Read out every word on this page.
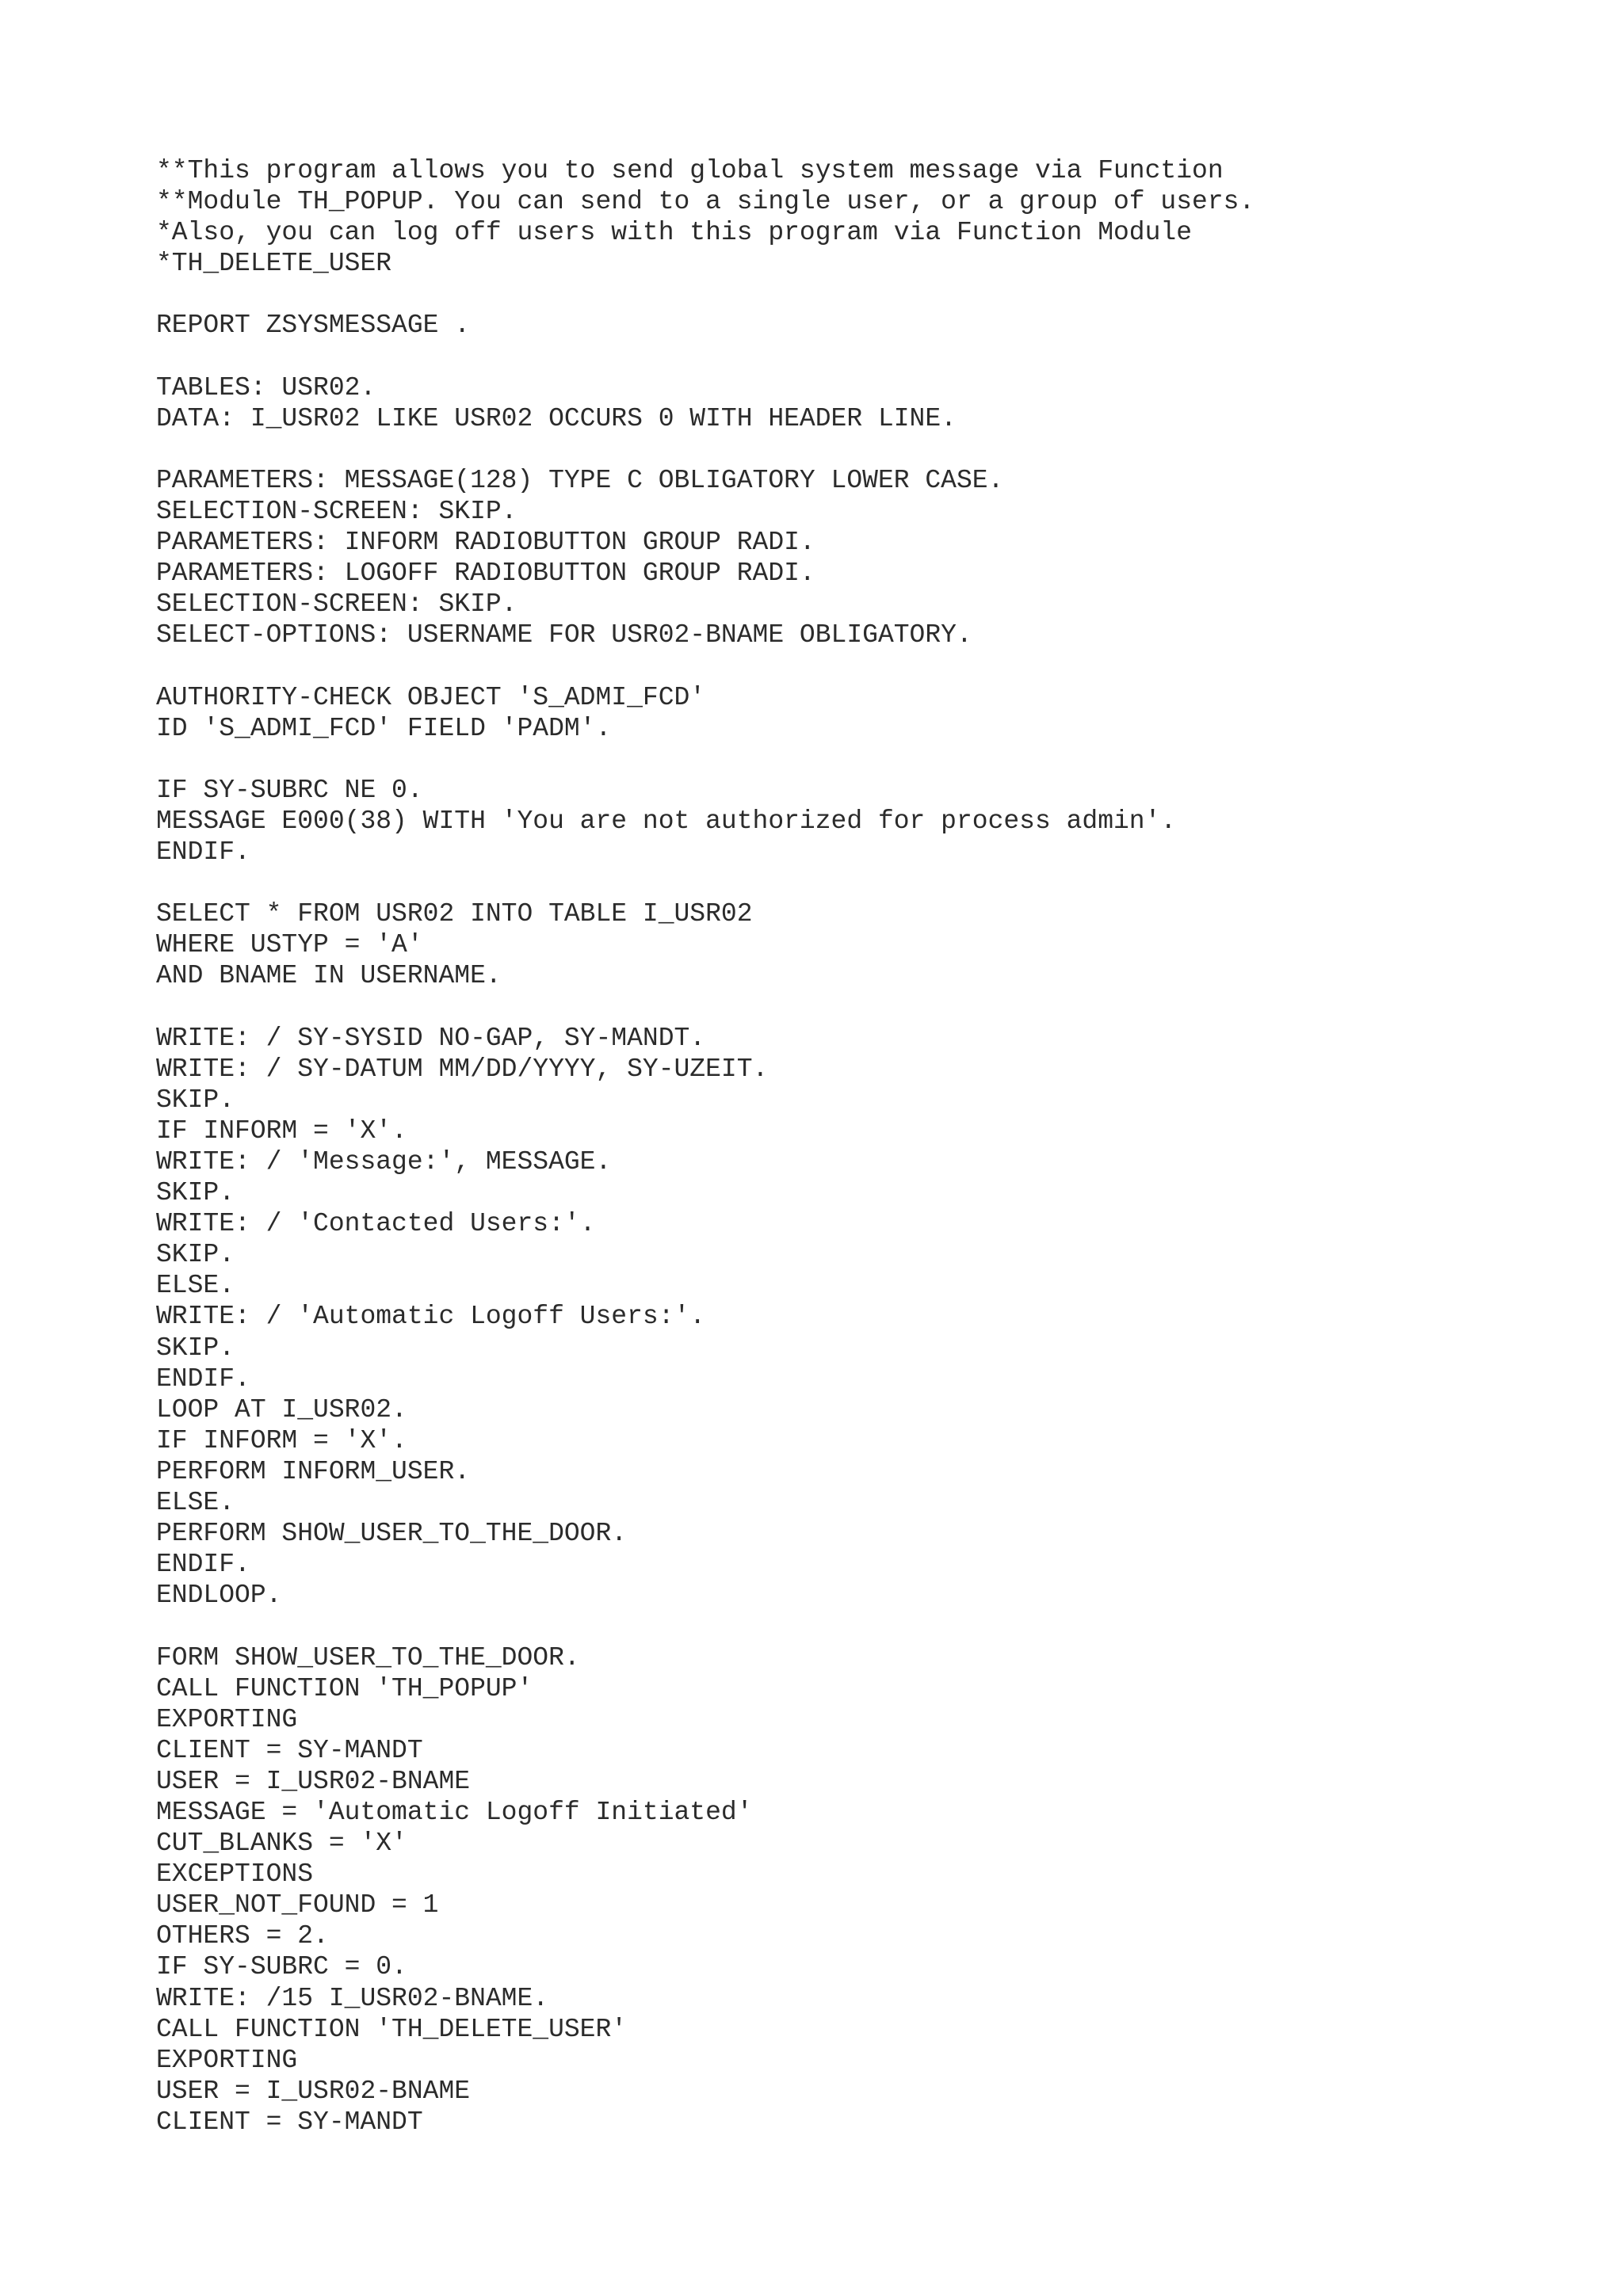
**This program allows you to send global system message via Function
**Module TH_POPUP. You can send to a single user, or a group of users.
*Also, you can log off users with this program via Function Module
*TH_DELETE_USER
REPORT ZSYSMESSAGE .
TABLES: USR02.
DATA: I_USR02 LIKE USR02 OCCURS 0 WITH HEADER LINE.
PARAMETERS: MESSAGE(128) TYPE C OBLIGATORY LOWER CASE.
SELECTION-SCREEN: SKIP.
PARAMETERS: INFORM RADIOBUTTON GROUP RADI.
PARAMETERS: LOGOFF RADIOBUTTON GROUP RADI.
SELECTION-SCREEN: SKIP.
SELECT-OPTIONS: USERNAME FOR USR02-BNAME OBLIGATORY.
AUTHORITY-CHECK OBJECT 'S_ADMI_FCD'
ID 'S_ADMI_FCD' FIELD 'PADM'.
IF SY-SUBRC NE 0.
MESSAGE E000(38) WITH 'You are not authorized for process admin'.
ENDIF.
SELECT * FROM USR02 INTO TABLE I_USR02
WHERE USTYP = 'A'
AND BNAME IN USERNAME.
WRITE: / SY-SYSID NO-GAP, SY-MANDT.
WRITE: / SY-DATUM MM/DD/YYYY, SY-UZEIT.
SKIP.
IF INFORM = 'X'.
WRITE: / 'Message:', MESSAGE.
SKIP.
WRITE: / 'Contacted Users:'.
SKIP.
ELSE.
WRITE: / 'Automatic Logoff Users:'.
SKIP.
ENDIF.
LOOP AT I_USR02.
IF INFORM = 'X'.
PERFORM INFORM_USER.
ELSE.
PERFORM SHOW_USER_TO_THE_DOOR.
ENDIF.
ENDLOOP.
FORM SHOW_USER_TO_THE_DOOR.
CALL FUNCTION 'TH_POPUP'
EXPORTING
CLIENT = SY-MANDT
USER = I_USR02-BNAME
MESSAGE = 'Automatic Logoff Initiated'
CUT_BLANKS = 'X'
EXCEPTIONS
USER_NOT_FOUND = 1
OTHERS = 2.
IF SY-SUBRC = 0.
WRITE: /15 I_USR02-BNAME.
CALL FUNCTION 'TH_DELETE_USER'
EXPORTING
USER = I_USR02-BNAME
CLIENT = SY-MANDT
